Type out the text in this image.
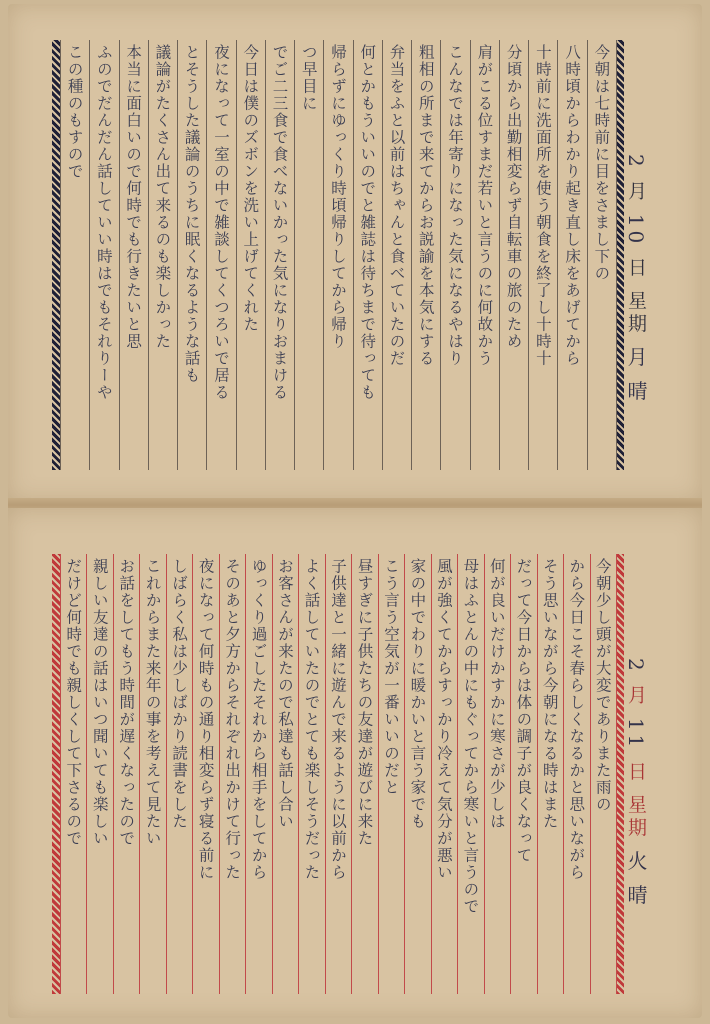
今朝は七時前に目をさまし下の
八時頃からわかり起き直し床をあげてから
十時前に洗面所を使う朝食を終了し十時十
分頃から出勤相変らず自転車の旅のため
肩がこる位すまだ若いと言うのに何故かう
こんなでは年寄りになった気になるやはり
粗相の所まで来てからお説諭を本気にする
弁当をふと以前はちゃんと食べていたのだ
何とかもういいのでと雑誌は待ちまで待っても
帰らずにゆっくり時頃帰りしてから帰り
つ早目に
でご二三食で食べないかった気になりおまける
今日は僕のズボンを洗い上げてくれた
夜になって一室の中で雑談してくつろいで居る
とそうした議論のうちに眠くなるような話も
議論がたくさん出て来るのも楽しかった
本当に面白いので何時でも行きたいと思
ふのでだんだん話していい時はでもそれりーや
この種のもすので	2 月 10 日 星期 月 晴
今朝少し頭が大変でありまた雨の
から今日こそ春らしくなるかと思いながら
そう思いながら今朝になる時はまた
だって今日からは体の調子が良くなって
何が良いだけかすかに寒さが少しは
母はふとんの中にもぐってから寒いと言うので
風が強くてからすっかり冷えて気分が悪い
家の中でわりに暖かいと言う家でも
こう言う空気が一番いいのだと
昼すぎに子供たちの友達が遊びに来た
子供達と一緒に遊んで来るように以前から
よく話していたのでとても楽しそうだった
お客さんが来たので私達も話し合い
ゆっくり過ごしたそれから相手をしてから
そのあと夕方からそれぞれ出かけて行った
夜になって何時もの通り相変らず寝る前に
しばらく私は少しばかり読書をした
これからまた来年の事を考えて見たい
お話をしてもう時間が遅くなったので
親しい友達の話はいつ聞いても楽しい
だけど何時でも親しくして下さるので	2 月 11 日 星期 火 晴
